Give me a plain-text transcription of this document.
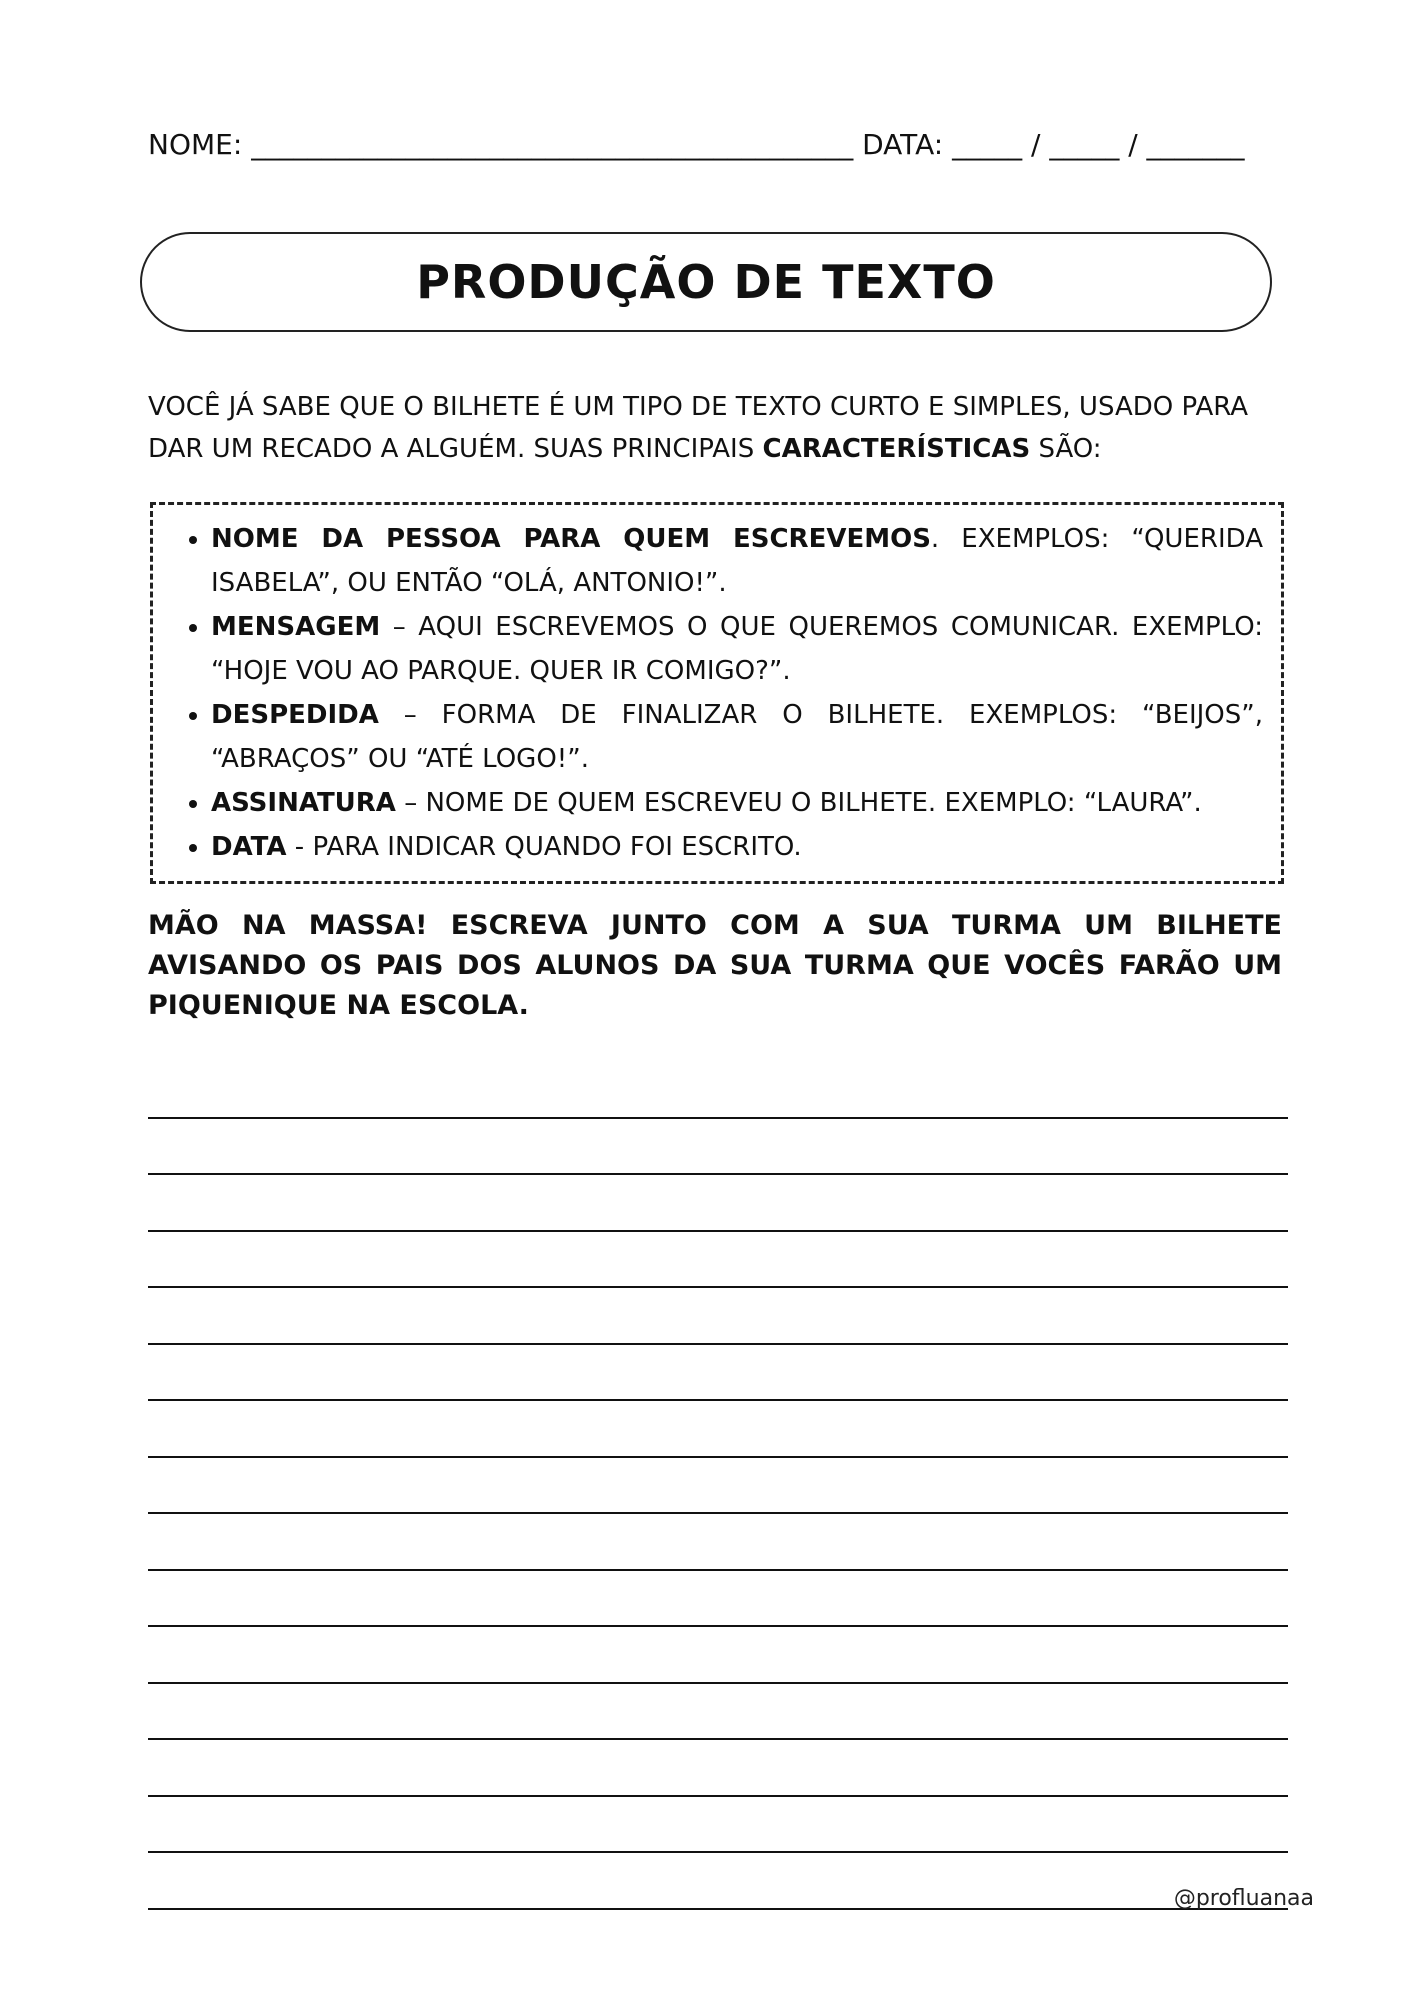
NOME: ___________________________________________ DATA: _____ / _____ / _______
PRODUÇÃO DE TEXTO

VOCÊ JÁ SABE QUE O BILHETE É UM TIPO DE TEXTO CURTO E SIMPLES, USADO PARA DAR UM RECADO A ALGUÉM. SUAS PRINCIPAIS CARACTERÍSTICAS SÃO:

• NOME DA PESSOA PARA QUEM ESCREVEMOS. EXEMPLOS: “QUERIDA ISABELA”, OU ENTÃO “OLÁ, ANTONIO!”.
• MENSAGEM – AQUI ESCREVEMOS O QUE QUEREMOS COMUNICAR. EXEMPLO: “HOJE VOU AO PARQUE. QUER IR COMIGO?”.
• DESPEDIDA – FORMA DE FINALIZAR O BILHETE. EXEMPLOS: “BEIJOS”, “ABRAÇOS” OU “ATÉ LOGO!”.
• ASSINATURA – NOME DE QUEM ESCREVEU O BILHETE. EXEMPLO: “LAURA”.
• DATA - PARA INDICAR QUANDO FOI ESCRITO.

MÃO NA MASSA! ESCREVA JUNTO COM A SUA TURMA UM BILHETE AVISANDO OS PAIS DOS ALUNOS DA SUA TURMA QUE VOCÊS FARÃO UM PIQUENIQUE NA ESCOLA.

@profluanaa
